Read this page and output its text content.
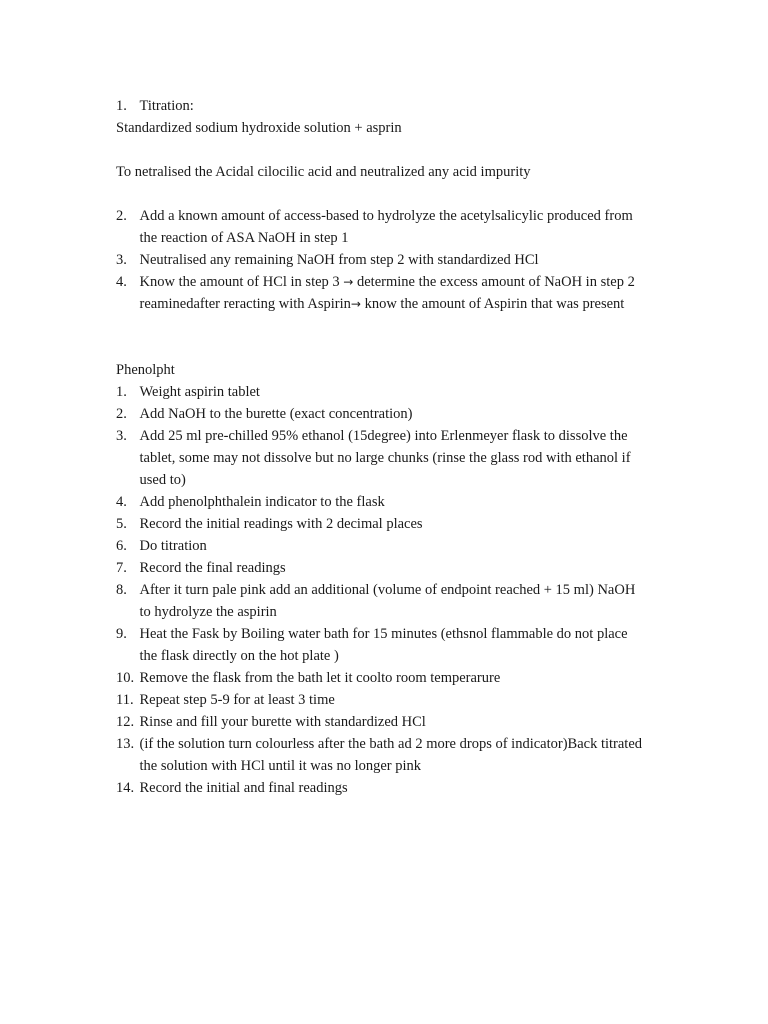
1. Titration:

Standardized sodium hydroxide solution + asprin

To netralised the Acidal cilocilic acid and neutralized any acid impurity

2. Add a known amount of access-based to hydrolyze the acetylsalicylic produced from the reaction of ASA NaOH in step 1
3. Neutralised any remaining NaOH from step 2 with standardized HCl
4. Know the amount of HCl in step 3 → determine the excess amount of NaOH in step 2 reaminedafter reracting with Aspirin→ know the amount of Aspirin that was present

Phenolpht

1. Weight aspirin tablet
2. Add NaOH to the burette (exact concentration)
3. Add 25 ml pre-chilled 95% ethanol (15degree) into Erlenmeyer flask to dissolve the tablet, some may not dissolve but no large chunks (rinse the glass rod with ethanol if used to)
4. Add phenolphthalein indicator to the flask
5. Record the initial readings with 2 decimal places
6. Do titration
7. Record the final readings
8. After it turn pale pink add an additional (volume of endpoint reached + 15 ml) NaOH to hydrolyze the aspirin
9. Heat the Fask by Boiling water bath for 15 minutes (ethsnol flammable do not place the flask directly on the hot plate )
10. Remove the flask from the bath let it coolto room temperarure
11. Repeat step 5-9 for at least 3 time
12. Rinse and fill your burette with standardized HCl
13. (if the solution turn colourless after the bath ad 2 more drops of indicator)Back titrated the solution with HCl until it was no longer pink
14. Record the initial and final readings
